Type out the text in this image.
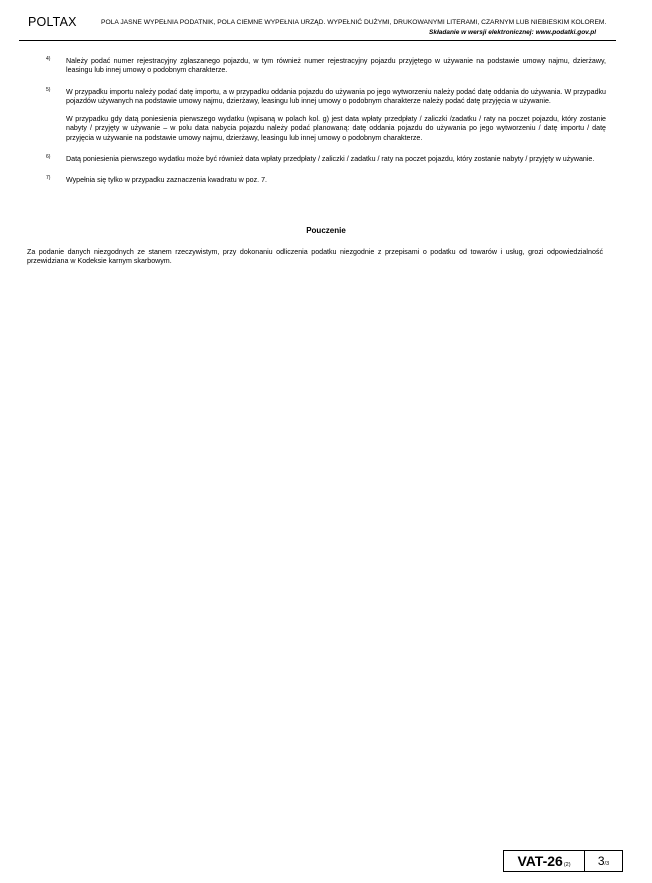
POLTAX	POLA JASNE WYPEŁNIA PODATNIK, POLA CIEMNE WYPEŁNIA URZĄD. WYPEŁNIĆ DUŻYMI, DRUKOWANYMI LITERAMI, CZARNYM LUB NIEBIESKIM KOLOREM.
Składanie w wersji elektronicznej: www.podatki.gov.pl
4) Należy podać numer rejestracyjny zgłaszanego pojazdu, w tym również numer rejestracyjny pojazdu przyjętego w używanie na podstawie umowy najmu, dzierżawy, leasingu lub innej umowy o podobnym charakterze.

5) W przypadku importu należy podać datę importu, a w przypadku oddania pojazdu do używania po jego wytworzeniu należy podać datę oddania do używania. W przypadku pojazdów używanych na podstawie umowy najmu, dzierżawy, leasingu lub innej umowy o podobnym charakterze należy podać datę przyjęcia w używanie.

W przypadku gdy datą poniesienia pierwszego wydatku (wpisaną w polach kol. g) jest data wpłaty przedpłaty / zaliczki /zadatku / raty na poczet pojazdu, który zostanie nabyty / przyjęty w używanie – w polu data nabycia pojazdu należy podać planowaną: datę oddania pojazdu do używania po jego wytworzeniu / datę importu / datę przyjęcia w używanie na podstawie umowy najmu, dzierżawy, leasingu lub innej umowy o podobnym charakterze.

6) Datą poniesienia pierwszego wydatku może być również data wpłaty przedpłaty / zaliczki / zadatku / raty na poczet pojazdu, który zostanie nabyty / przyjęty w używanie.

7) Wypełnia się tylko w przypadku zaznaczenia kwadratu w poz. 7.

Pouczenie
Za podanie danych niezgodnych ze stanem rzeczywistym, przy dokonaniu odliczenia podatku niezgodnie z przepisami o podatku od towarów i usług, grozi odpowiedzialność przewidziana w Kodeksie karnym skarbowym.
VAT-26 (2) 3 /3
